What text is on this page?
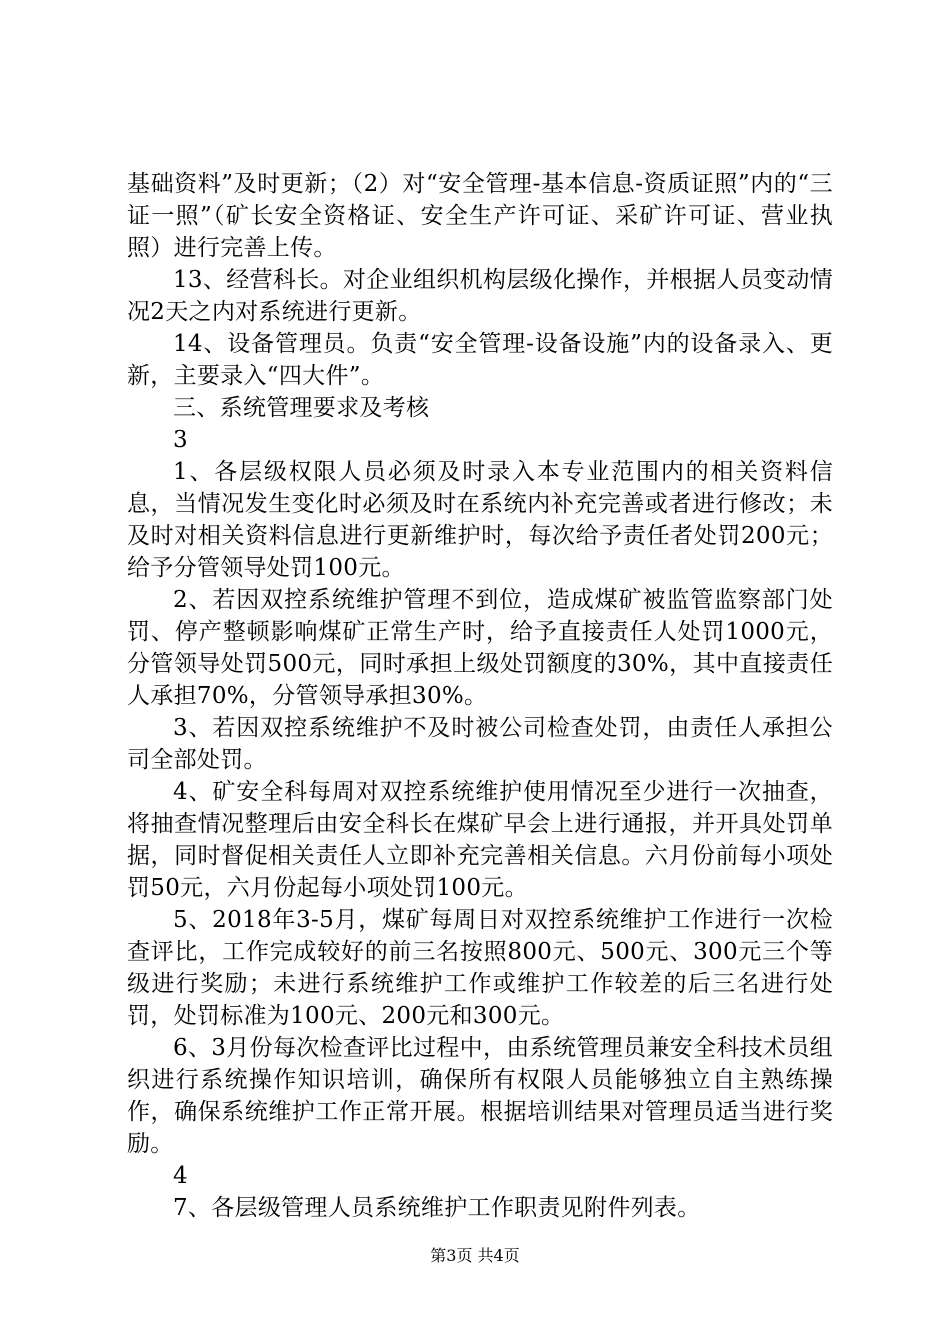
基础资料”及时更新；（2）对“安全管理-基本信息-资质证照”内的“三证一照”（矿长安全资格证、安全生产许可证、采矿许可证、营业执照）进行完善上传。

13、经营科长。对企业组织机构层级化操作，并根据人员变动情况2天之内对系统进行更新。

14、设备管理员。负责“安全管理-设备设施”内的设备录入、更新，主要录入“四大件”。

三、系统管理要求及考核

3

1、各层级权限人员必须及时录入本专业范围内的相关资料信息，当情况发生变化时必须及时在系统内补充完善或者进行修改；未及时对相关资料信息进行更新维护时，每次给予责任者处罚200元；给予分管领导处罚100元。

2、若因双控系统维护管理不到位，造成煤矿被监管监察部门处罚、停产整顿影响煤矿正常生产时，给予直接责任人处罚1000元，分管领导处罚500元，同时承担上级处罚额度的30%，其中直接责任人承担70%，分管领导承担30%。

3、若因双控系统维护不及时被公司检查处罚，由责任人承担公司全部处罚。

4、矿安全科每周对双控系统维护使用情况至少进行一次抽查，将抽查情况整理后由安全科长在煤矿早会上进行通报，并开具处罚单据，同时督促相关责任人立即补充完善相关信息。六月份前每小项处罚50元，六月份起每小项处罚100元。

5、2018年3-5月，煤矿每周日对双控系统维护工作进行一次检查评比，工作完成较好的前三名按照800元、500元、300元三个等级进行奖励；未进行系统维护工作或维护工作较差的后三名进行处罚，处罚标准为100元、200元和300元。

6、3月份每次检查评比过程中，由系统管理员兼安全科技术员组织进行系统操作知识培训，确保所有权限人员能够独立自主熟练操作，确保系统维护工作正常开展。根据培训结果对管理员适当进行奖励。

4

7、各层级管理人员系统维护工作职责见附件列表。

第3页 共4页
